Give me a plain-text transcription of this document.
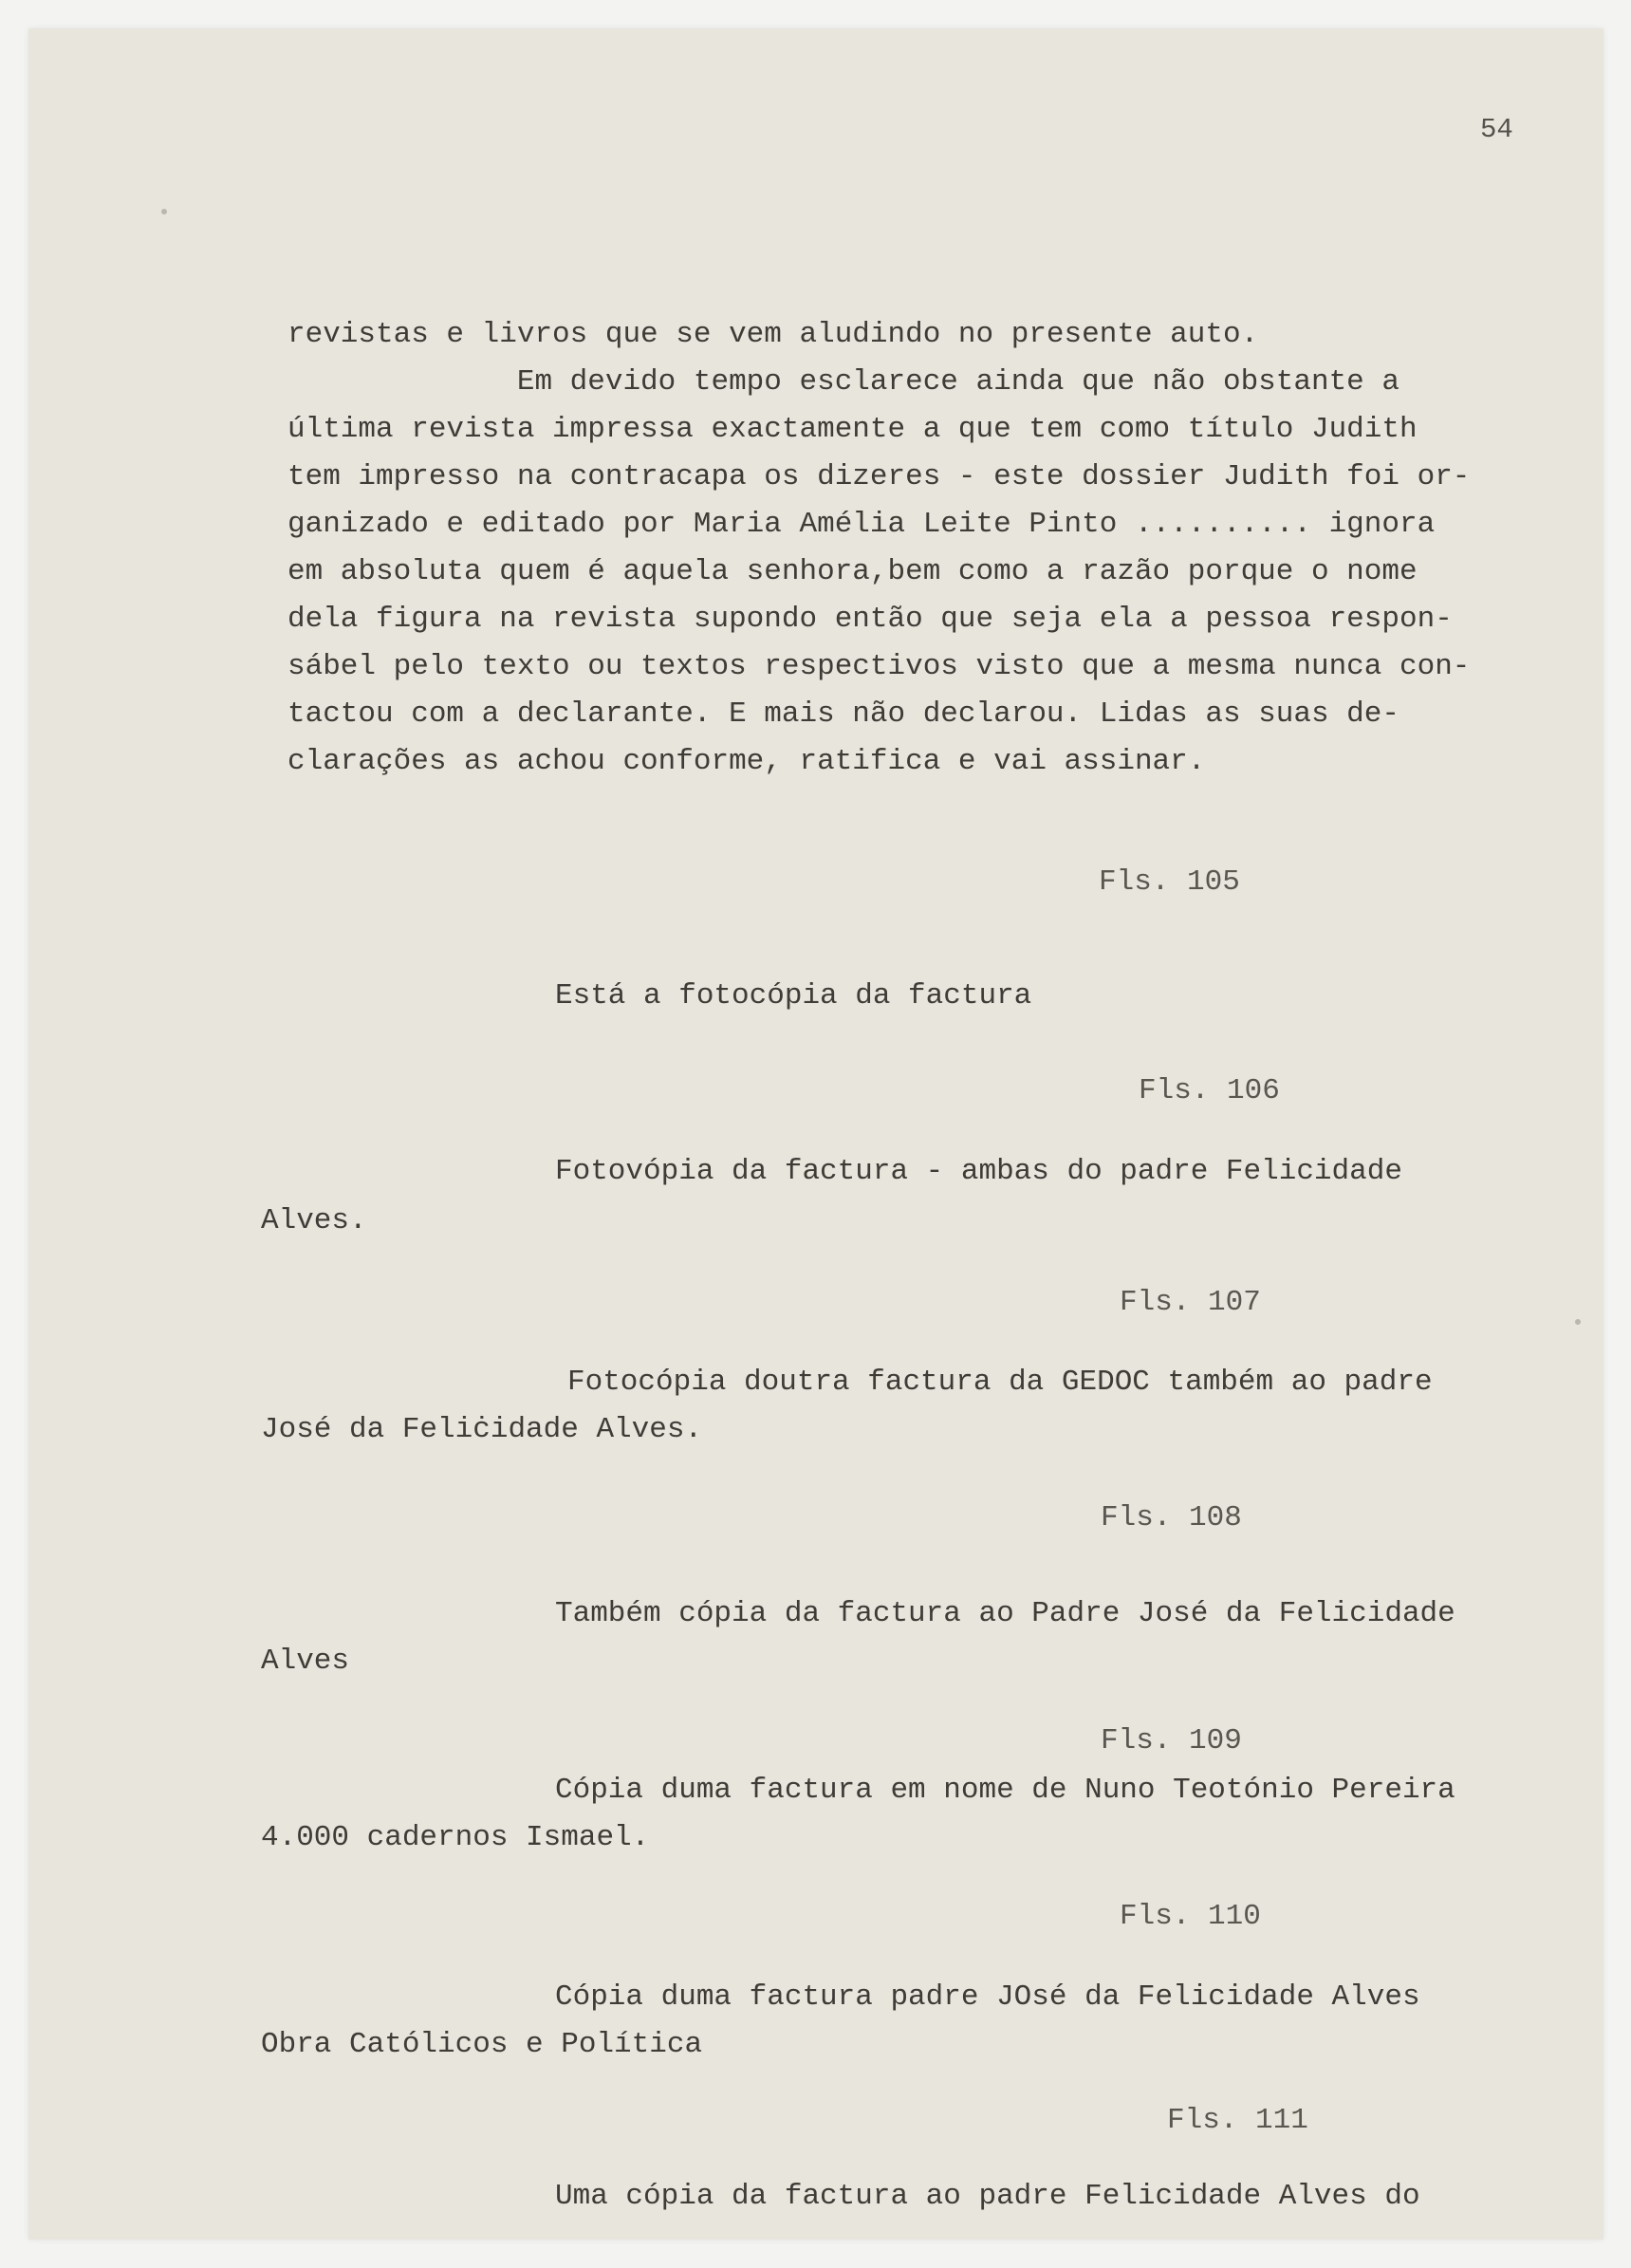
54
revistas e livros que se vem aludindo no presente auto.
Em devido tempo esclarece ainda que não obstante a
última revista impressa exactamente a que tem como título Judith
tem impresso na contracapa os dizeres - este dossier Judith foi or-
ganizado e editado por Maria Amélia Leite Pinto .......... ignora
em absoluta quem é aquela senhora,bem como a razão porque o nome
dela figura na revista supondo então que seja ela a pessoa respon-
sábel pelo texto ou textos respectivos visto que a mesma nunca con-
tactou com a declarante. E mais não declarou. Lidas as suas de-
clarações as achou conforme, ratifica e vai assinar.
Fls. 105
Está a fotocópia da factura
Fls. 106
Fotovópia da factura - ambas do padre Felicidade
Alves.
Fls. 107
Fotocópia doutra factura da GEDOC também ao padre
José da Feliċidade Alves.
Fls. 108
Também cópia da factura ao Padre José da Felicidade
Alves
Fls. 109
Cópia duma factura em nome de Nuno Teotónio Pereira
4.000 cadernos Ismael.
Fls. 110
Cópia duma factura padre JOsé da Felicidade Alves
Obra Católicos e Política
Fls. 111
Uma cópia da factura ao padre Felicidade Alves do
